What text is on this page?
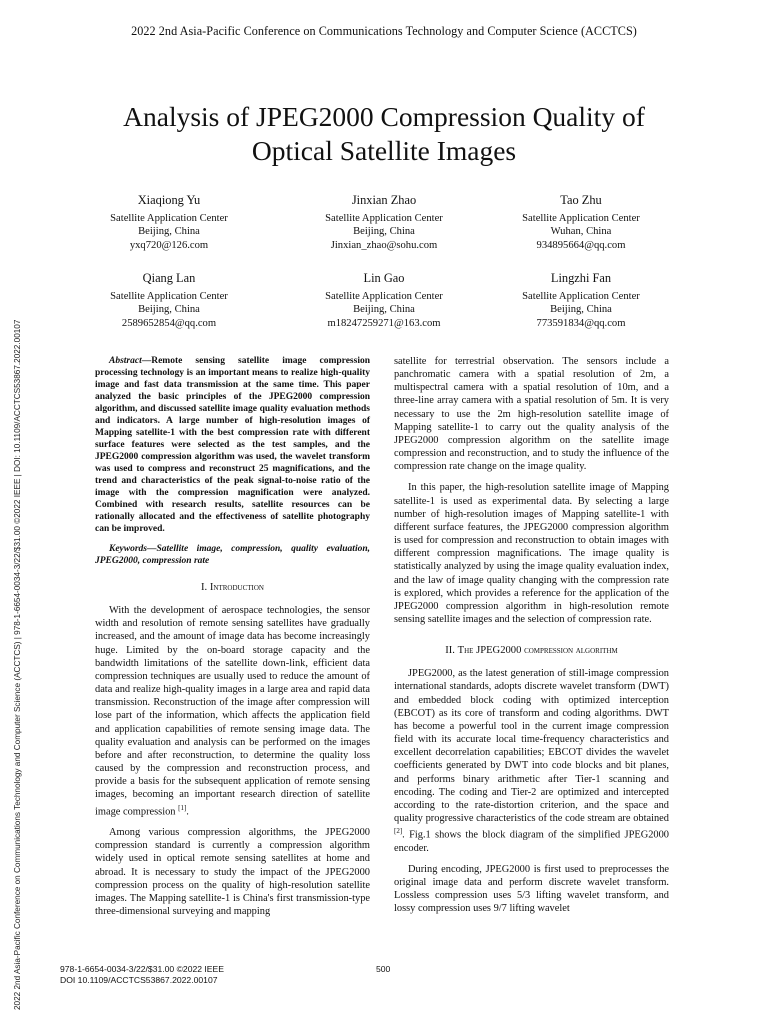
2022 2nd Asia-Pacific Conference on Communications Technology and Computer Science (ACCTCS)
2022 2nd Asia-Pacific Conference on Communications Technology and Computer Science (ACCTCS) | 978-1-6654-0034-3/22/$31.00 ©2022 IEEE | DOI: 10.1109/ACCTCS53867.2022.00107
Analysis of JPEG2000 Compression Quality of
Optical Satellite Images
Xiaqiong Yu
Satellite Application Center
Beijing, China
yxq720@126.com
Jinxian Zhao
Satellite Application Center
Beijing, China
Jinxian_zhao@sohu.com
Tao Zhu
Satellite Application Center
Wuhan, China
934895664@qq.com
Qiang Lan
Satellite Application Center
Beijing, China
2589652854@qq.com
Lin Gao
Satellite Application Center
Beijing, China
m18247259271@163.com
Lingzhi Fan
Satellite Application Center
Beijing, China
773591834@qq.com

Abstract—Remote sensing satellite image compression processing technology is an important means to realize high-quality image and fast data transmission at the same time. This paper analyzed the basic principles of the JPEG2000 compression algorithm, and discussed satellite image quality evaluation methods and indicators. A large number of high-resolution images of Mapping satellite-1 with the best compression rate with different surface features were selected as the test samples, and the JPEG2000 compression algorithm was used, the wavelet transform was used to compress and reconstruct 25 magnifications, and the trend and characteristics of the peak signal-to-noise ratio of the image with the compression magnification were analyzed. Combined with research results, satellite resources can be rationally allocated and the effectiveness of satellite photography can be improved.

Keywords—Satellite image, compression, quality evaluation, JPEG2000, compression rate

I. Introduction

With the development of aerospace technologies, the sensor width and resolution of remote sensing satellites have gradually increased, and the amount of image data has become increasingly huge. Limited by the on-board storage capacity and the bandwidth limitations of the satellite down-link, efficient data compression techniques are usually used to reduce the amount of data and realize high-quality images in a large area and rapid data transmission. Reconstruction of the image after compression will lose part of the information, which affects the application field and application capabilities of remote sensing image data. The quality evaluation and analysis can be performed on the images before and after reconstruction, to determine the quality loss caused by the compression and reconstruction process, and provide a basis for the subsequent application of remote sensing images, becoming an important research direction of satellite image compression [1].

Among various compression algorithms, the JPEG2000 compression standard is currently a compression algorithm widely used in optical remote sensing satellites at home and abroad. It is necessary to study the impact of the JPEG2000 compression process on the quality of high-resolution satellite images. The Mapping satellite-1 is China's first transmission-type three-dimensional surveying and mapping

satellite for terrestrial observation. The sensors include a panchromatic camera with a spatial resolution of 2m, a multispectral camera with a spatial resolution of 10m, and a three-line array camera with a spatial resolution of 5m. It is very necessary to use the 2m high-resolution satellite image of Mapping satellite-1 to carry out the quality analysis of the JPEG2000 compression algorithm on the satellite image compression and reconstruction, and to study the influence of the compression rate change on the image quality.

In this paper, the high-resolution satellite image of Mapping satellite-1 is used as experimental data. By selecting a large number of high-resolution images of Mapping satellite-1 with different surface features, the JPEG2000 compression algorithm is used for compression and reconstruction to obtain images with different compression magnifications. The image quality is statistically analyzed by using the image quality evaluation index, and the law of image quality changing with the compression rate is explored, which provides a reference for the application of the JPEG2000 compression algorithm in high-resolution remote sensing satellite images and the selection of compression rate.

II. The JPEG2000 compression algorithm

JPEG2000, as the latest generation of still-image compression international standards, adopts discrete wavelet transform (DWT) and embedded block coding with optimized interception (EBCOT) as its core of transform and coding algorithms. DWT has become a powerful tool in the current image compression field with its accurate local time-frequency characteristics and excellent decorrelation capabilities; EBCOT divides the wavelet coefficients generated by DWT into code blocks and bit planes, and performs binary arithmetic after Tier-1 scanning and encoding. The coding and Tier-2 are optimized and intercepted according to the rate-distortion criterion, and the space and quality progressive characteristics of the code stream are obtained [2]. Fig.1 shows the block diagram of the simplified JPEG2000 encoder.

During encoding, JPEG2000 is first used to preprocesses the original image data and perform discrete wavelet transform. Lossless compression uses 5/3 lifting wavelet transform, and lossy compression uses 9/7 lifting wavelet

978-1-6654-0034-3/22/$31.00 ©2022 IEEE
DOI 10.1109/ACCTCS53867.2022.00107
500
